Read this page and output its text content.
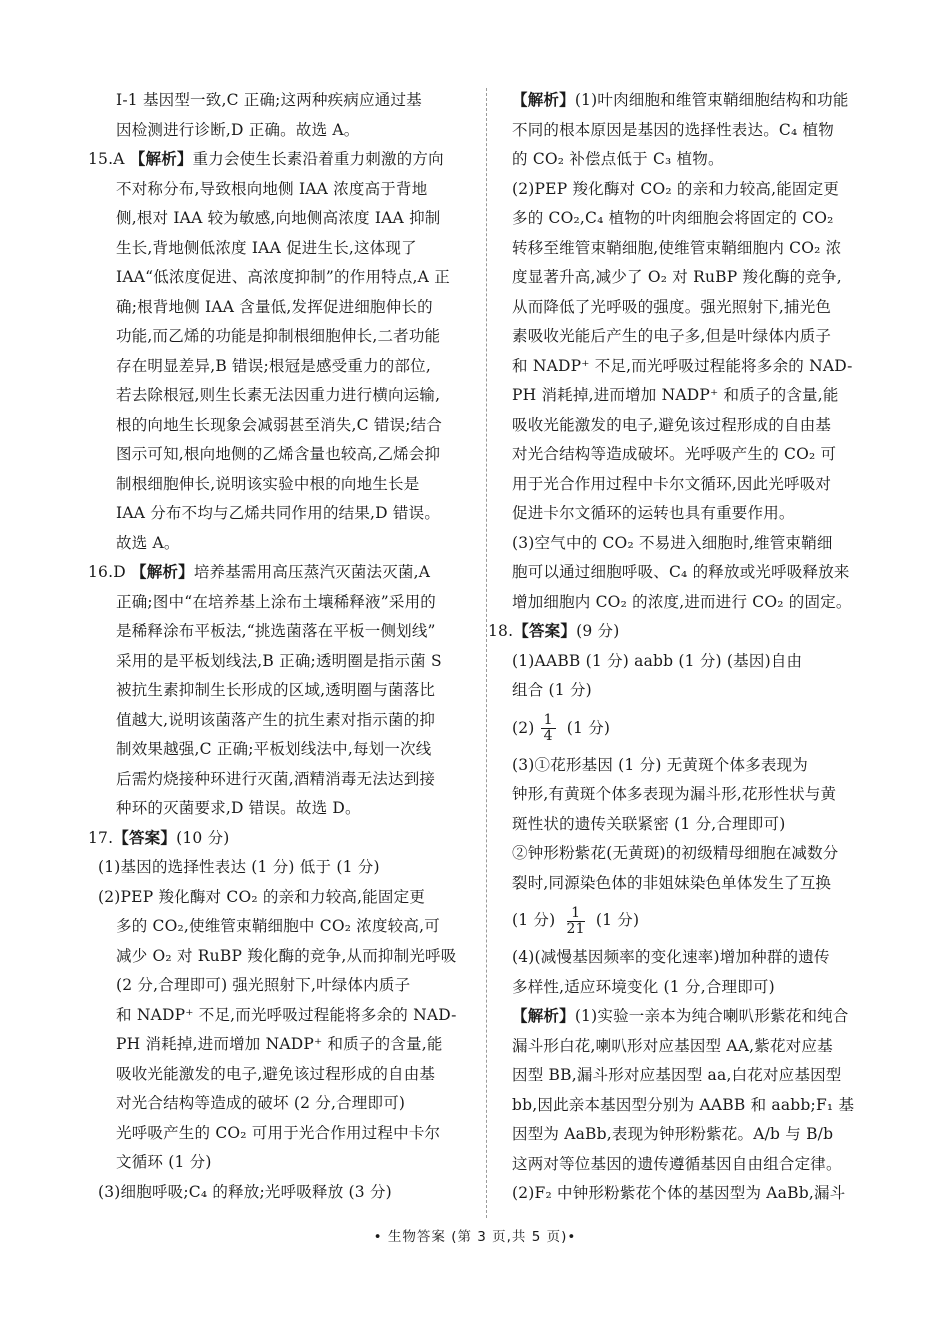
Ⅰ-1 基因型一致,C 正确;这两种疾病应通过基
因检测进行诊断,D 正确。故选 A。
15.A 【解析】重力会使生长素沿着重力刺激的方向
不对称分布,导致根向地侧 IAA 浓度高于背地
侧,根对 IAA 较为敏感,向地侧高浓度 IAA 抑制
生长,背地侧低浓度 IAA 促进生长,这体现了
IAA“低浓度促进、高浓度抑制”的作用特点,A 正
确;根背地侧 IAA 含量低,发挥促进细胞伸长的
功能,而乙烯的功能是抑制根细胞伸长,二者功能
存在明显差异,B 错误;根冠是感受重力的部位,
若去除根冠,则生长素无法因重力进行横向运输,
根的向地生长现象会减弱甚至消失,C 错误;结合
图示可知,根向地侧的乙烯含量也较高,乙烯会抑
制根细胞伸长,说明该实验中根的向地生长是
IAA 分布不均与乙烯共同作用的结果,D 错误。
故选 A。
16.D 【解析】培养基需用高压蒸汽灭菌法灭菌,A
正确;图中“在培养基上涂布土壤稀释液”采用的
是稀释涂布平板法,“挑选菌落在平板一侧划线”
采用的是平板划线法,B 正确;透明圈是指示菌 S
被抗生素抑制生长形成的区域,透明圈与菌落比
值越大,说明该菌落产生的抗生素对指示菌的抑
制效果越强,C 正确;平板划线法中,每划一次线
后需灼烧接种环进行灭菌,酒精消毒无法达到接
种环的灭菌要求,D 错误。故选 D。
17.【答案】(10 分)
(1)基因的选择性表达 (1 分) 低于 (1 分)
(2)PEP 羧化酶对 CO₂ 的亲和力较高,能固定更
多的 CO₂,使维管束鞘细胞中 CO₂ 浓度较高,可
减少 O₂ 对 RuBP 羧化酶的竞争,从而抑制光呼吸
(2 分,合理即可) 强光照射下,叶绿体内质子
和 NADP⁺ 不足,而光呼吸过程能将多余的 NAD-
PH 消耗掉,进而增加 NADP⁺ 和质子的含量,能
吸收光能激发的电子,避免该过程形成的自由基
对光合结构等造成的破坏 (2 分,合理即可)
光呼吸产生的 CO₂ 可用于光合作用过程中卡尔
文循环 (1 分)
(3)细胞呼吸;C₄ 的释放;光呼吸释放 (3 分)
【解析】(1)叶肉细胞和维管束鞘细胞结构和功能
不同的根本原因是基因的选择性表达。C₄ 植物
的 CO₂ 补偿点低于 C₃ 植物。
(2)PEP 羧化酶对 CO₂ 的亲和力较高,能固定更
多的 CO₂,C₄ 植物的叶肉细胞会将固定的 CO₂
转移至维管束鞘细胞,使维管束鞘细胞内 CO₂ 浓
度显著升高,减少了 O₂ 对 RuBP 羧化酶的竞争,
从而降低了光呼吸的强度。强光照射下,捕光色
素吸收光能后产生的电子多,但是叶绿体内质子
和 NADP⁺ 不足,而光呼吸过程能将多余的 NAD-
PH 消耗掉,进而增加 NADP⁺ 和质子的含量,能
吸收光能激发的电子,避免该过程形成的自由基
对光合结构等造成破坏。光呼吸产生的 CO₂ 可
用于光合作用过程中卡尔文循环,因此光呼吸对
促进卡尔文循环的运转也具有重要作用。
(3)空气中的 CO₂ 不易进入细胞时,维管束鞘细
胞可以通过细胞呼吸、C₄ 的释放或光呼吸释放来
增加细胞内 CO₂ 的浓度,进而进行 CO₂ 的固定。
18.【答案】(9 分)
(1)AABB (1 分) aabb (1 分) (基因)自由
组合 (1 分)
$(2) \frac{1}{4} (1$ 分)
(3)①花形基因 (1 分) 无黄斑个体多表现为
钟形,有黄斑个体多表现为漏斗形,花形性状与黄
斑性状的遗传关联紧密 (1 分,合理即可)
②钟形粉紫花(无黄斑)的初级精母细胞在减数分
裂时,同源染色体的非姐妹染色单体发生了互换
(1 分) $\frac{1}{21} (1$ 分)
(4)(减慢基因频率的变化速率)增加种群的遗传
多样性,适应环境变化 (1 分,合理即可)
【解析】(1)实验一亲本为纯合喇叭形紫花和纯合
漏斗形白花,喇叭形对应基因型 AA,紫花对应基
因型 BB,漏斗形对应基因型 aa,白花对应基因型
bb,因此亲本基因型分别为 AABB 和 aabb;F₁ 基
因型为 AaBb,表现为钟形粉紫花。A/b 与 B/b
这两对等位基因的遗传遵循基因自由组合定律。
(2)F₂ 中钟形粉紫花个体的基因型为 AaBb,漏斗
• 生物答案 (第 3 页,共 5 页)•
